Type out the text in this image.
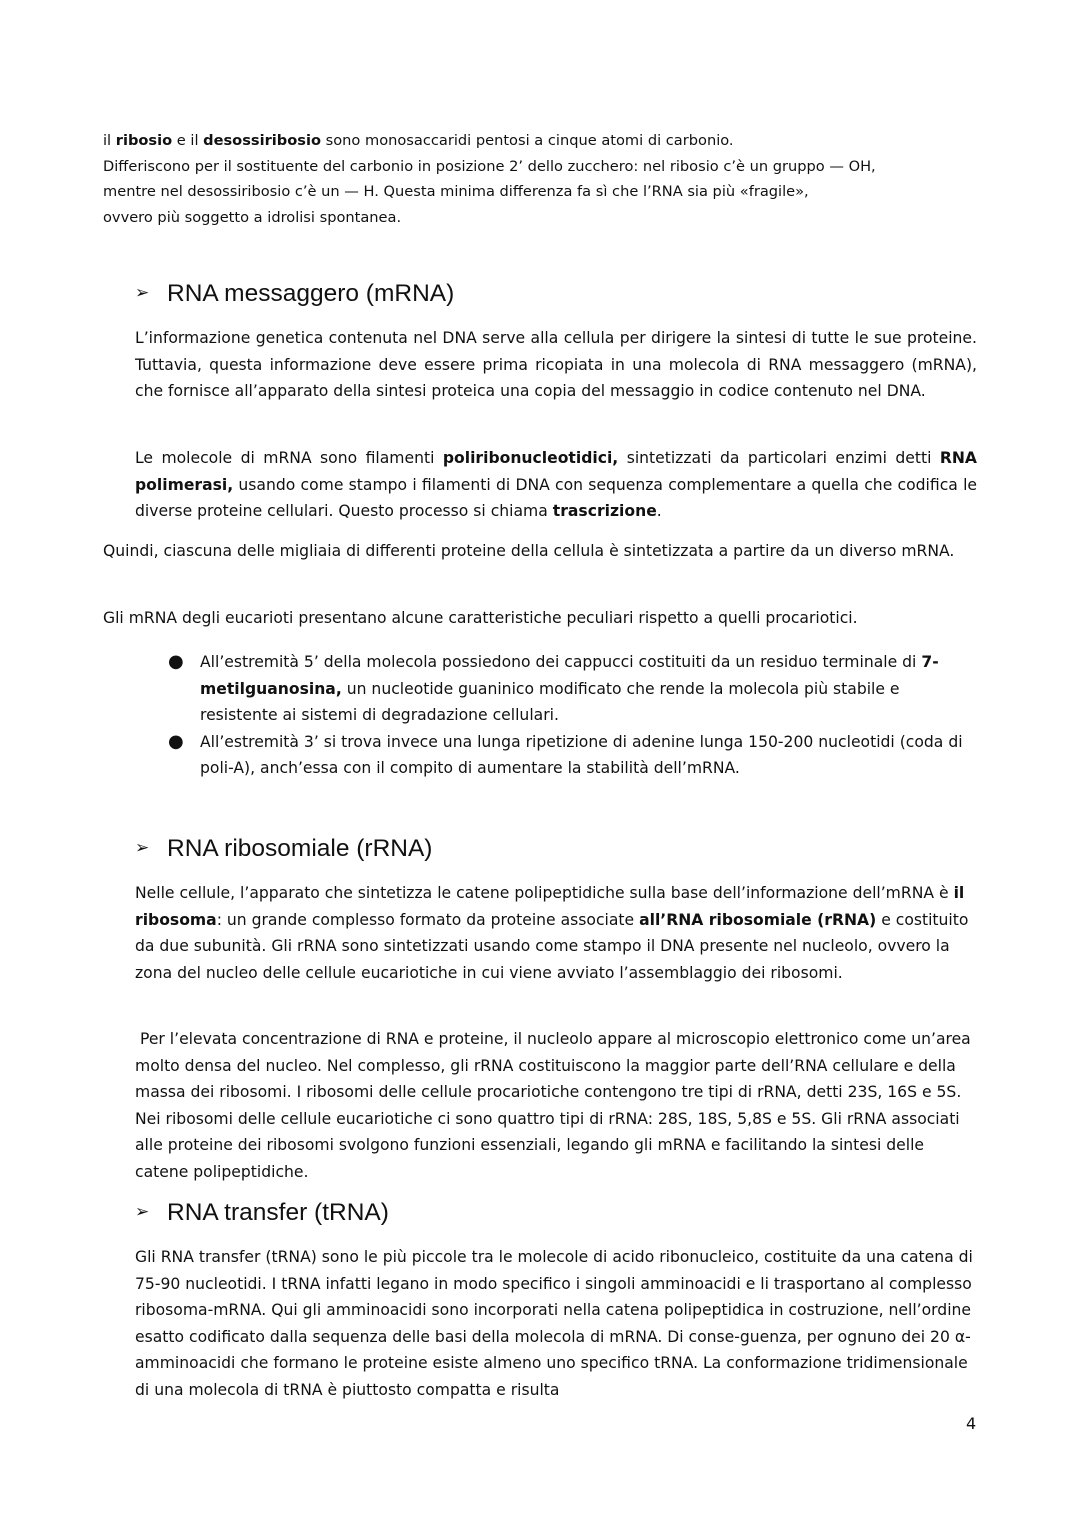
il ribosio e il desossiribosio sono monosaccaridi pentosi a cinque atomi di carbonio.

Differiscono per il sostituente del carbonio in posizione 2’ dello zucchero: nel ribosio c’è un gruppo — OH,

mentre nel desossiribosio c’è un — H. Questa minima differenza fa sì che l’RNA sia più «fragile»,

ovvero più soggetto a idrolisi spontanea.

➢ RNA messaggero (mRNA)

L’informazione genetica contenuta nel DNA serve alla cellula per dirigere la sintesi di tutte le sue proteine. Tuttavia, questa informazione deve essere prima ricopiata in una molecola di RNA messaggero (mRNA), che fornisce all’apparato della sintesi proteica una copia del messaggio in codice contenuto nel DNA.

Le molecole di mRNA sono filamenti poliribonucleotidici, sintetizzati da particolari enzimi detti RNA polimerasi, usando come stampo i filamenti di DNA con sequenza complementare a quella che codifica le diverse proteine cellulari. Questo processo si chiama trascrizione.

Quindi, ciascuna delle migliaia di differenti proteine della cellula è sintetizzata a partire da un diverso mRNA.

Gli mRNA degli eucarioti presentano alcune caratteristiche peculiari rispetto a quelli procariotici.

● All’estremità 5’ della molecola possiedono dei cappucci costituiti da un residuo terminale di 7-metilguanosina, un nucleotide guaninico modificato che rende la molecola più stabile e resistente ai sistemi di degradazione cellulari.
● All’estremità 3’ si trova invece una lunga ripetizione di adenine lunga 150-200 nucleotidi (coda di poli-A), anch’essa con il compito di aumentare la stabilità dell’mRNA.
➢ RNA ribosomiale (rRNA)

Nelle cellule, l’apparato che sintetizza le catene polipeptidiche sulla base dell’informazione dell’mRNA è il ribosoma: un grande complesso formato da proteine associate all’RNA ribosomiale (rRNA) e costituito da due subunità. Gli rRNA sono sintetizzati usando come stampo il DNA presente nel nucleolo, ovvero la zona del nucleo delle cellule eucariotiche in cui viene avviato l’assemblaggio dei ribosomi.

Per l’elevata concentrazione di RNA e proteine, il nucleolo appare al microscopio elettronico come un’area molto densa del nucleo. Nel complesso, gli rRNA costituiscono la maggior parte dell’RNA cellulare e della massa dei ribosomi. I ribosomi delle cellule procariotiche contengono tre tipi di rRNA, detti 23S, 16S e 5S. Nei ribosomi delle cellule eucariotiche ci sono quattro tipi di rRNA: 28S, 18S, 5,8S e 5S. Gli rRNA associati alle proteine dei ribosomi svolgono funzioni essenziali, legando gli mRNA e facilitando la sintesi delle catene polipeptidiche.

➢ RNA transfer (tRNA)

Gli RNA transfer (tRNA) sono le più piccole tra le molecole di acido ribonucleico, costituite da una catena di 75-90 nucleotidi. I tRNA infatti legano in modo specifico i singoli amminoacidi e li trasportano al complesso ribosoma-mRNA. Qui gli amminoacidi sono incorporati nella catena polipeptidica in costruzione, nell’ordine esatto codificato dalla sequenza delle basi della molecola di mRNA. Di conse-guenza, per ognuno dei 20 α-amminoacidi che formano le proteine esiste almeno uno specifico tRNA. La conformazione tridimensionale di una molecola di tRNA è piuttosto compatta e risulta

4
